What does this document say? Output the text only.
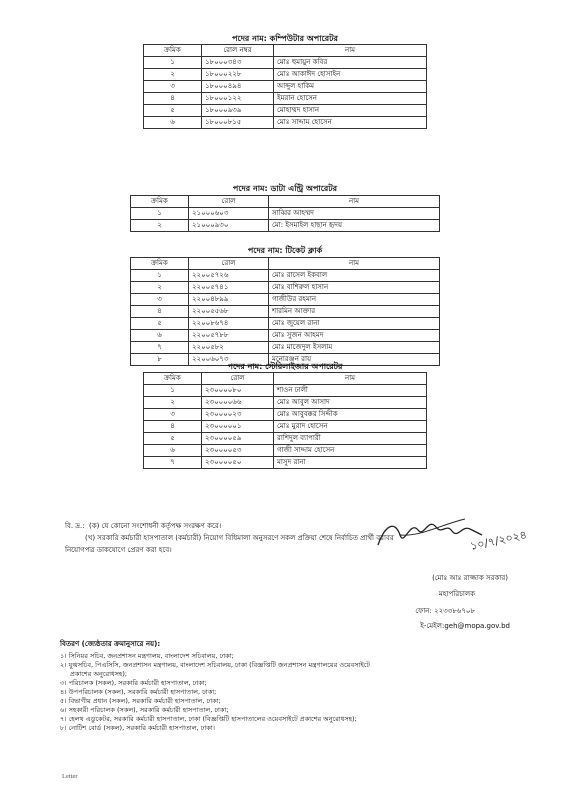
পদের নাম: কম্পিউটার অপারেটর
ক্রমিক	রোল নম্বর	নাম
১	১৮০০০৩৪৩	মোঃ হুমায়ুন কবির
২	১৮০০০২২৮	মোঃ আকাঈদ হোসাইন
৩	১৮০০০৪৯৪	আব্দুল হাকিম
৪	১৮০০০১২২	ইমরান হোসেন
৫	১৮০০০৯৩৯	মোহাম্মদ হাসান
৬	১৮০০০৮১৫	মোঃ সাদ্দাম হোসেন
পদের নাম: ডাটা এন্ট্রি অপারেটর
ক্রমিক	রোল	নাম
১	২১০০০৬০৩	সাব্বির আহম্মদ
২	২১০০০৯৩০	মো: ইসমাইল হাছান হৃদয়
পদের নাম: টিকেট ক্লার্ক
ক্রমিক	রোল	নাম
১	২২০০৫৭২৬	মোঃ রাসেল ইকবাল
২	২২০০৫৭৪১	মোঃ বাশিরুল হাসান
৩	২২০০৪৮৯৯	গাজীউর রহমান
৪	২২০০৫৫৬৮	শারমিন আক্তার
৫	২২০০৮৬৭৪	মোঃ জুয়েল রানা
৬	২২০০৫৭৮৮	মোঃ সুজন আহমদ
৭	২২০০৫৮২	মোঃ মাজেদুল ইসলাম
৮	২২০০৬০৭৩	মনোরঞ্জন রায়
পদের নাম: স্টেরিলাইজার অপারেটর
ক্রমিক	রোল	নাম
১	২৩০০০০৮০	শাওন ঢালী
২	২৩০০০০৬৬	মোঃ আবুল আসাদ
৩	২৩০০০০২৩	মোঃ আবুবক্কর সিদ্দীক
৪	২৩০০০০০১	মোঃ মুরাদ হোসেন
৫	২৩০০০০৫৯	রাশিদুল ব্যাপারী
৬	২৩০০০০৫৩	গাজী সাদ্দাম হোসেন
৭	২৩০০০০৫০	মাসুদ রানা
বি. দ্র.: (ক) যে কোনো সংশোধনী কর্তৃপক্ষ সংরক্ষণ করে।
(খ) সরকারি কর্মচারী হাসপাতাল (কর্মচারী) নিয়োগ বিধিমালা অনুসরণে সকল প্রক্রিয়া শেষে নির্বাচিত প্রার্থী বরাবর
নিয়োগপত্র ডাকযোগে প্রেরণ করা হবে।	১০/৭/২০২৪
(মোঃ আঃ রাজ্জাক সরকার)
মহাপরিচালক
ফোন: ২২৩৩৮৬৭০৮
ই-মেইল:geh@mopa.gov.bd
বিতরণ (জ্যেষ্ঠতার ক্রমানুসারে নয়):
১। সিনিয়র সচিব, জনপ্রশাসন মন্ত্রণালয়, বাংলাদেশ সচিবালয়, ঢাকা;
২। যুগ্মসচিব, পিএসিসি, জনপ্রশাসন মন্ত্রণালয়, বাংলাদেশ সচিবালয়, ঢাকা (বিজ্ঞপ্তিটি জনপ্রশাসন মন্ত্রণালয়ের ওয়েবসাইটে
প্রকাশের অনুরোধসহ);
৩। পরিচালক (সকল), সরকারি কর্মচারী হাসপাতাল, ঢাকা;
৪। উপপরিচালক (সকল), সরকারি কর্মচারী হাসপাতাল, ঢাকা;
৫। বিভাগীয় প্রধান (সকল), সরকারি কর্মচারী হাসপাতাল, ঢাকা;
৬। সহকারী পরিচালক (সকল), সরকারি কর্মচারী হাসপাতাল, ঢাকা;
৭। হেলথ এডুকেটর, সরকারি কর্মচারী হাসপাতাল, ঢাকা (বিজ্ঞপ্তিটি হাসপাতালের ওয়েবসাইটে প্রকাশের অনুরোধসহ);
৮। নোটিশ বোর্ড (সকল), সরকারি কর্মচারী হাসপাতাল, ঢাকা।
Letter
